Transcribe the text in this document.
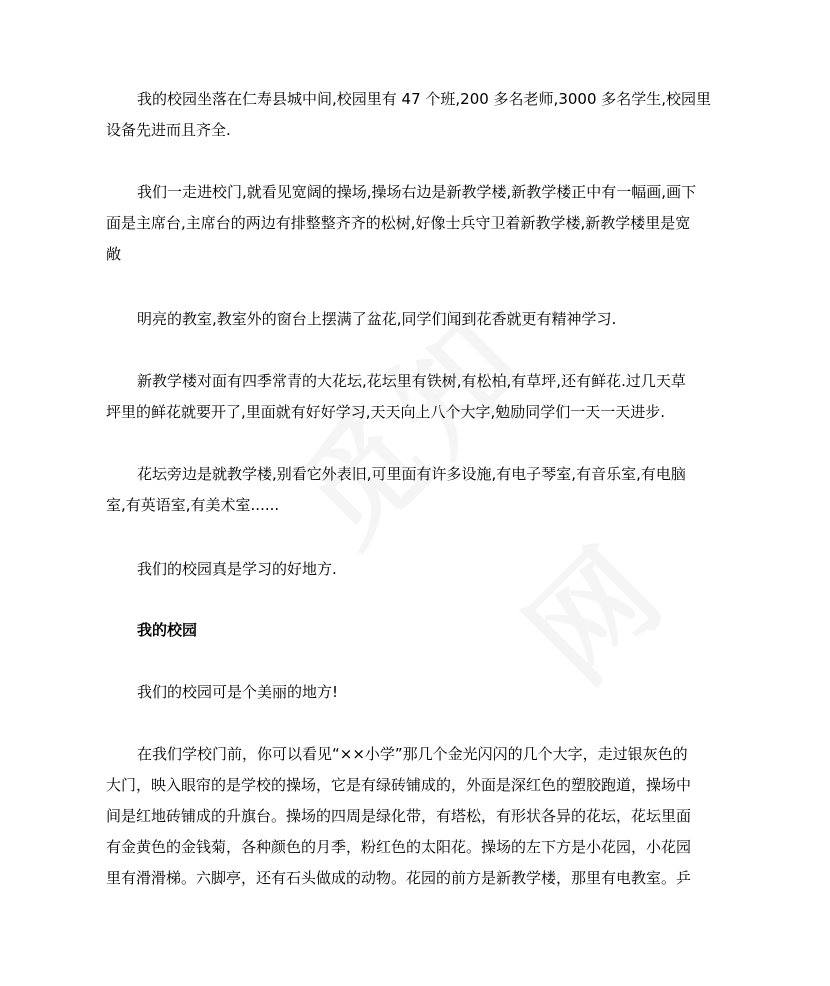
我的校园坐落在仁寿县城中间,校园里有 47 个班,200 多名老师,3000 多名学生,校园里
设备先进而且齐全.
我们一走进校门,就看见宽阔的操场,操场右边是新教学楼,新教学楼正中有一幅画,画下
面是主席台,主席台的两边有排整整齐齐的松树,好像士兵守卫着新教学楼,新教学楼里是宽
敞
明亮的教室,教室外的窗台上摆满了盆花,同学们闻到花香就更有精神学习.
新教学楼对面有四季常青的大花坛,花坛里有铁树,有松柏,有草坪,还有鲜花.过几天草
坪里的鲜花就要开了,里面就有好好学习,天天向上八个大字,勉励同学们一天一天进步.
花坛旁边是就教学楼,别看它外表旧,可里面有许多设施,有电子琴室,有音乐室,有电脑
室,有英语室,有美术室......
我们的校园真是学习的好地方.
我的校园
我们的校园可是个美丽的地方!
在我们学校门前，你可以看见“××小学”那几个金光闪闪的几个大字，走过银灰色的
大门，映入眼帘的是学校的操场，它是有绿砖铺成的，外面是深红色的塑胶跑道，操场中
间是红地砖铺成的升旗台。操场的四周是绿化带，有塔松，有形状各异的花坛，花坛里面
有金黄色的金钱菊，各种颜色的月季，粉红色的太阳花。操场的左下方是小花园，小花园
里有滑滑梯。六脚亭，还有石头做成的动物。花园的前方是新教学楼，那里有电教室。乒
